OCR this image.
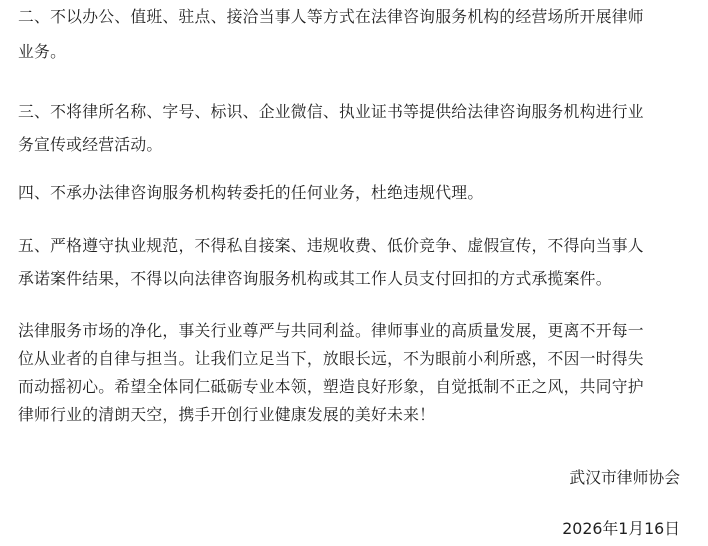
二、不以办公、值班、驻点、接洽当事人等方式在法律咨询服务机构的经营场所开展律师
业务。
三、不将律所名称、字号、标识、企业微信、执业证书等提供给法律咨询服务机构进行业
务宣传或经营活动。
四、不承办法律咨询服务机构转委托的任何业务，杜绝违规代理。
五、严格遵守执业规范，不得私自接案、违规收费、低价竞争、虚假宣传，不得向当事人
承诺案件结果，不得以向法律咨询服务机构或其工作人员支付回扣的方式承揽案件。
法律服务市场的净化，事关行业尊严与共同利益。律师事业的高质量发展，更离不开每一
位从业者的自律与担当。让我们立足当下，放眼长远，不为眼前小利所惑，不因一时得失
而动摇初心。希望全体同仁砥砺专业本领，塑造良好形象，自觉抵制不正之风，共同守护
律师行业的清朗天空，携手开创行业健康发展的美好未来！
武汉市律师协会
2026年1月16日
